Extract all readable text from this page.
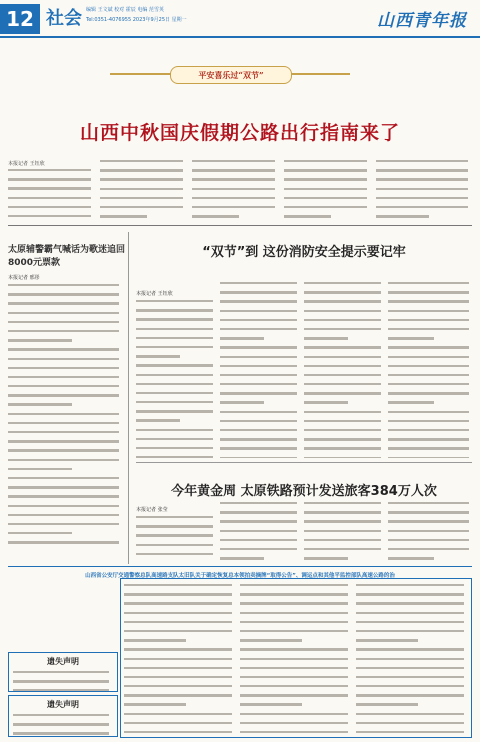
12 社会 编辑 王文斌 校对 霍辰 电编 范雪英
Tel:0351-4076955 2023年9月25日 星期一	山西青年报
平安喜乐过“双节”
山西中秋国庆假期公路出行指南来了
本报记者 王钰欣
太原辅警霸气喊话为歌迷追回8000元票款
本报记者 邢彤
遗失声明
遗失声明
“双节”到 这份消防安全提示要记牢
本报记者 王钰欣
今年黄金周 太原铁路预计发送旅客384万人次
本报记者 张莹
山西省公安厅交通警察总队高速路支队太旧队关于确定恢复总本领拍卖摘牌“取得公告”、调运点和其他平监控部队高速公路的治
